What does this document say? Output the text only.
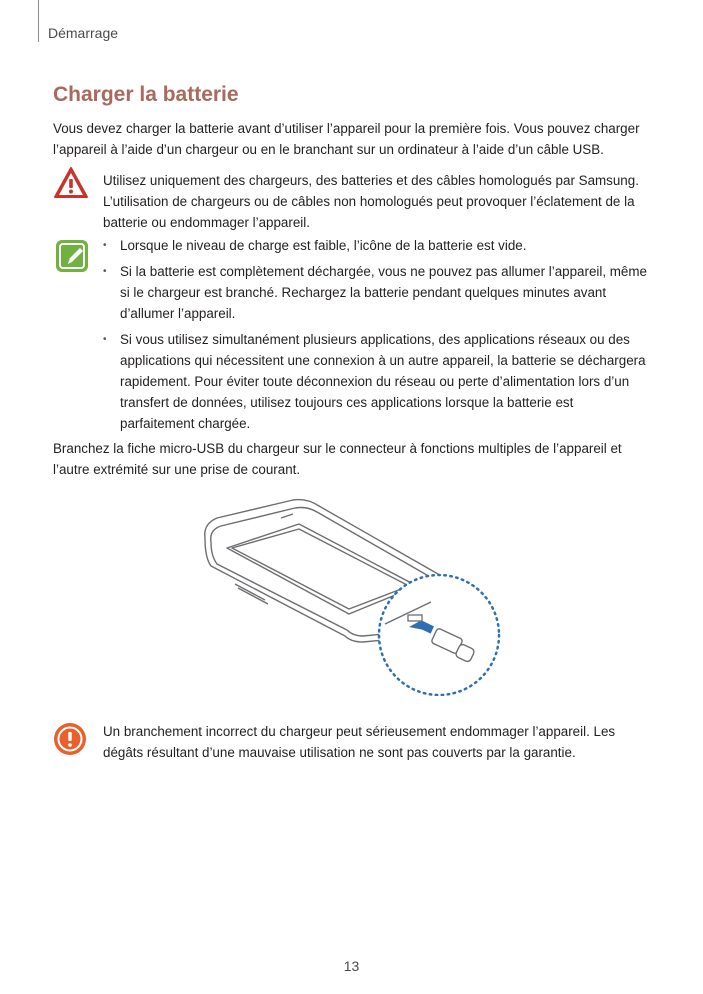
Démarrage
Charger la batterie

Vous devez charger la batterie avant d’utiliser l’appareil pour la première fois. Vous pouvez charger l’appareil à l’aide d’un chargeur ou en le branchant sur un ordinateur à l’aide d’un câble USB.

Utilisez uniquement des chargeurs, des batteries et des câbles homologués par Samsung. L’utilisation de chargeurs ou de câbles non homologués peut provoquer l’éclatement de la batterie ou endommager l’appareil.

• Lorsque le niveau de charge est faible, l’icône de la batterie est vide.
• Si la batterie est complètement déchargée, vous ne pouvez pas allumer l’appareil, même si le chargeur est branché. Rechargez la batterie pendant quelques minutes avant d’allumer l’appareil.
• Si vous utilisez simultanément plusieurs applications, des applications réseaux ou des applications qui nécessitent une connexion à un autre appareil, la batterie se déchargera rapidement. Pour éviter toute déconnexion du réseau ou perte d’alimentation lors d’un transfert de données, utilisez toujours ces applications lorsque la batterie est parfaitement chargée.

Branchez la fiche micro-USB du chargeur sur le connecteur à fonctions multiples de l’appareil et l’autre extrémité sur une prise de courant.

Un branchement incorrect du chargeur peut sérieusement endommager l’appareil. Les dégâts résultant d’une mauvaise utilisation ne sont pas couverts par la garantie.

13
